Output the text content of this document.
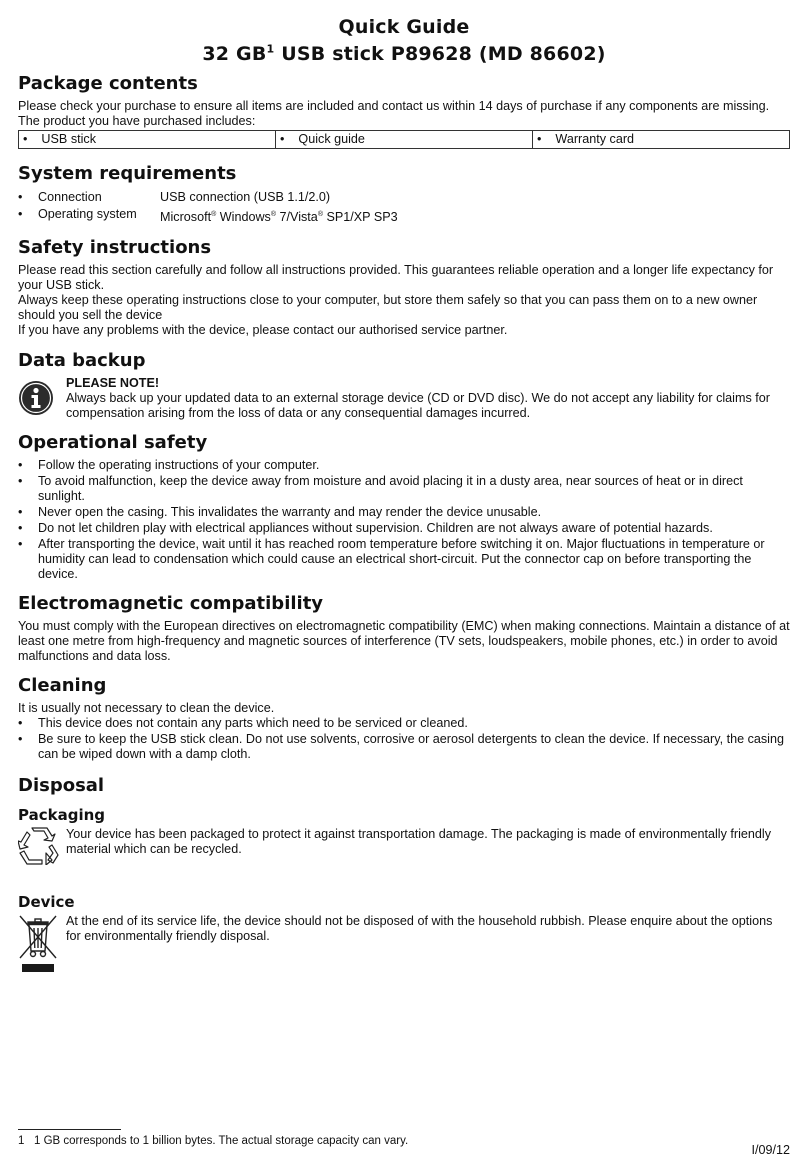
Quick Guide

32 $GB^1$ USB stick P89628 (MD 86602)

Package contents

Please check your purchase to ensure all items are included and contact us within 14 days of purchase if any components are missing. The product you have purchased includes:

• USB stick	• Quick guide	• Warranty card
System requirements
•	Connection	USB connection (USB 1.1/2.0)
•	Operating system	Microsoft® Windows® 7/Vista® SP1/XP SP3
Safety instructions

Please read this section carefully and follow all instructions provided. This guarantees reliable operation and a longer life expectancy for your USB stick.

Always keep these operating instructions close to your computer, but store them safely so that you can pass them on to a new owner should you sell the device

If you have any problems with the device, please contact our authorised service partner.

Data backup

PLEASE NOTE!

Always back up your updated data to an external storage device (CD or DVD disc). We do not accept any liability for claims for compensation arising from the loss of data or any consequential damages incurred.

Operational safety
• Follow the operating instructions of your computer.
• To avoid malfunction, keep the device away from moisture and avoid placing it in a dusty area, near sources of heat or in direct sunlight.
• Never open the casing. This invalidates the warranty and may render the device unusable.
• Do not let children play with electrical appliances without supervision. Children are not always aware of potential hazards.
• After transporting the device, wait until it has reached room temperature before switching it on. Major fluctuations in temperature or humidity can lead to condensation which could cause an electrical short-circuit. Put the connector cap on before transporting the device.
Electromagnetic compatibility

You must comply with the European directives on electromagnetic compatibility (EMC) when making connections. Maintain a distance of at least one metre from high-frequency and magnetic sources of interference (TV sets, loudspeakers, mobile phones, etc.) in order to avoid malfunctions and data loss.

Cleaning

It is usually not necessary to clean the device.

• This device does not contain any parts which need to be serviced or cleaned.
• Be sure to keep the USB stick clean. Do not use solvents, corrosive or aerosol detergents to clean the device. If necessary, the casing can be wiped down with a damp cloth.
Disposal
Packaging

Your device has been packaged to protect it against transportation damage. The packaging is made of environmentally friendly material which can be recycled.

Device

At the end of its service life, the device should not be disposed of with the household rubbish. Please enquire about the options for environmentally friendly disposal.

1 1 GB corresponds to 1 billion bytes. The actual storage capacity can vary.

I/09/12
